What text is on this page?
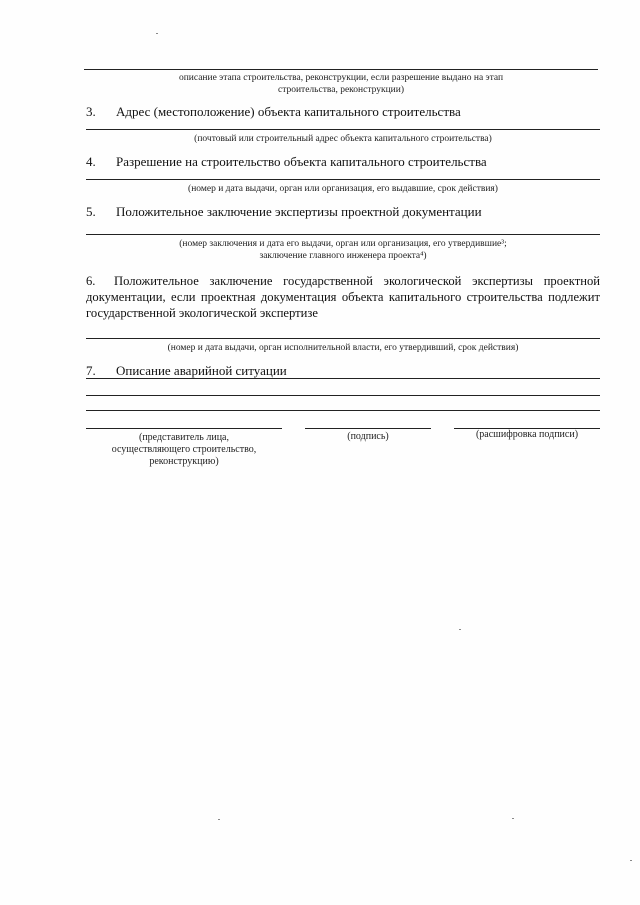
описание этапа строительства, реконструкции, если разрешение выдано на этап
строительства, реконструкции)
3. Адрес (местоположение) объекта капитального строительства
(почтовый или строительный адрес объекта капитального строительства)
4. Разрешение на строительство объекта капитального строительства
(номер и дата выдачи, орган или организация, его выдавшие, срок действия)
5. Положительное заключение экспертизы проектной документации
(номер заключения и дата его выдачи, орган или организация, его утвердившие³;
заключение главного инженера проекта⁴)
6. Положительное заключение государственной экологической экспертизы проектной
документации, если проектная документация объекта капитального строительства подлежит
государственной экологической экспертизе
(номер и дата выдачи, орган исполнительной власти, его утвердивший, срок действия)
7. Описание аварийной ситуации
(представитель лица,
осуществляющего строительство,
реконструкцию)
(подпись)	(расшифровка подписи)
